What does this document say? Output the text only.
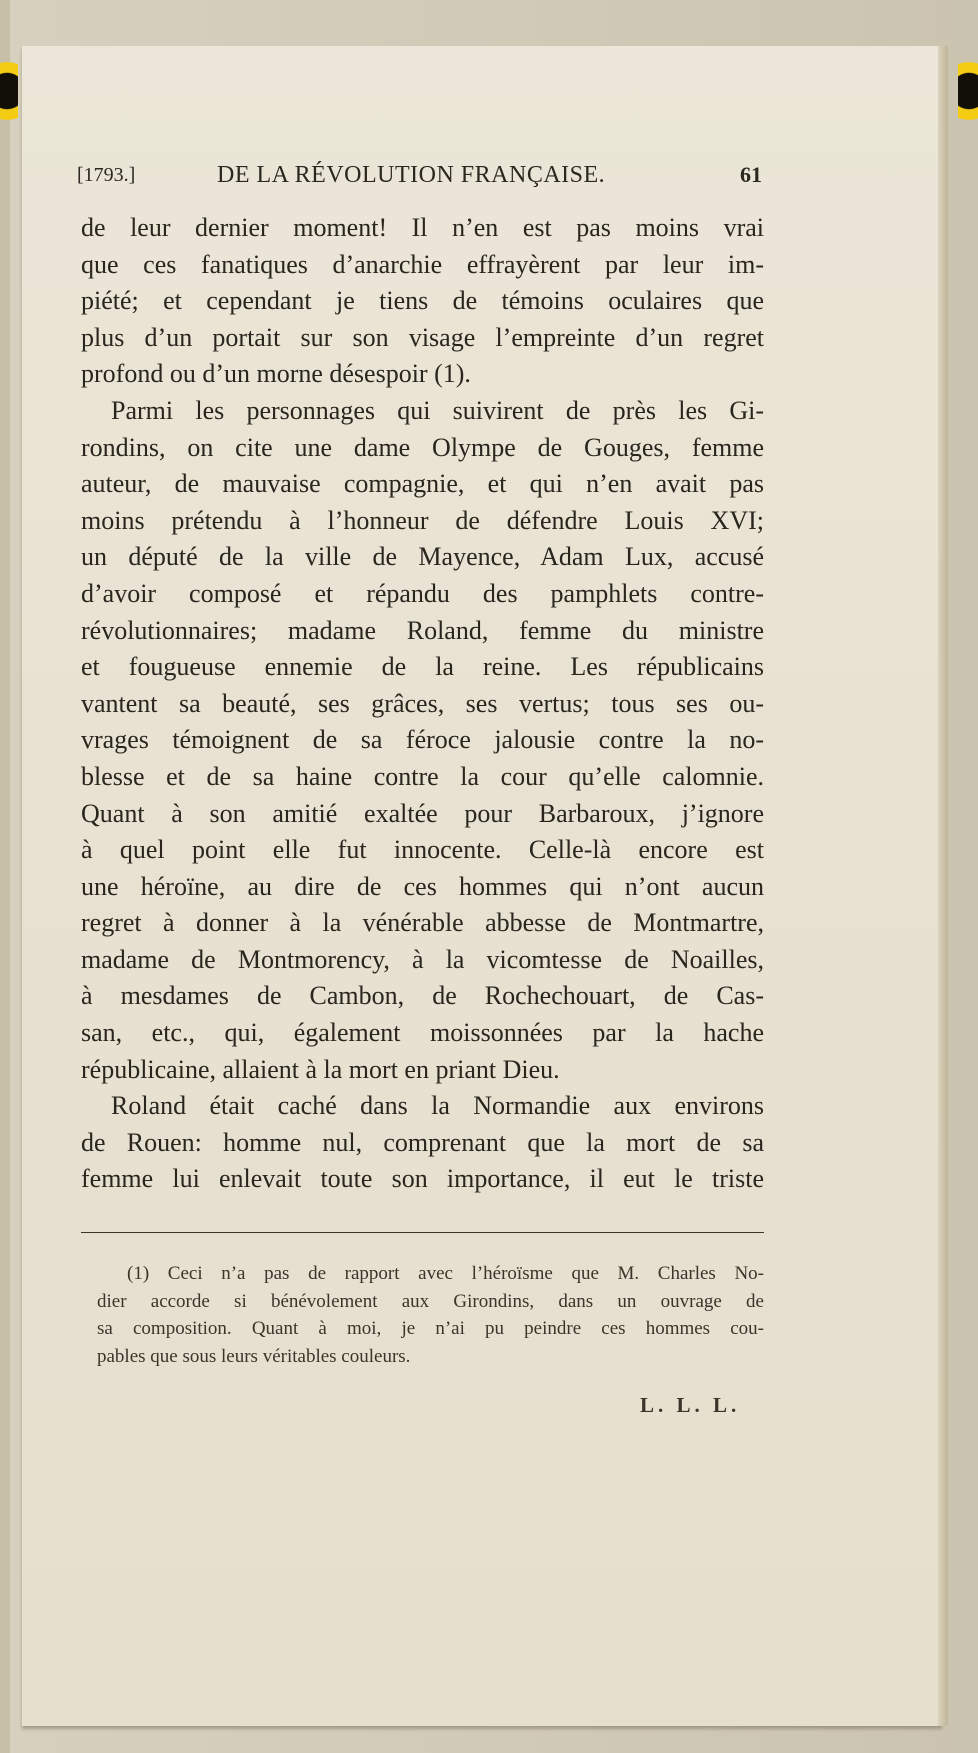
[1793.]	DE LA RÉVOLUTION FRANÇAISE.	61
de leur dernier moment! Il n’en est pas moins vrai
que ces fanatiques d’anarchie effrayèrent par leur im-
piété; et cependant je tiens de témoins oculaires que
plus d’un portait sur son visage l’empreinte d’un regret
profond ou d’un morne désespoir (1).
Parmi les personnages qui suivirent de près les Gi-
rondins, on cite une dame Olympe de Gouges, femme
auteur, de mauvaise compagnie, et qui n’en avait pas
moins prétendu à l’honneur de défendre Louis XVI;
un député de la ville de Mayence, Adam Lux, accusé
d’avoir composé et répandu des pamphlets contre-
révolutionnaires; madame Roland, femme du ministre
et fougueuse ennemie de la reine. Les républicains
vantent sa beauté, ses grâces, ses vertus; tous ses ou-
vrages témoignent de sa féroce jalousie contre la no-
blesse et de sa haine contre la cour qu’elle calomnie.
Quant à son amitié exaltée pour Barbaroux, j’ignore
à quel point elle fut innocente. Celle-là encore est
une héroïne, au dire de ces hommes qui n’ont aucun
regret à donner à la vénérable abbesse de Montmartre,
madame de Montmorency, à la vicomtesse de Noailles,
à mesdames de Cambon, de Rochechouart, de Cas-
san, etc., qui, également moissonnées par la hache
républicaine, allaient à la mort en priant Dieu.
Roland était caché dans la Normandie aux environs
de Rouen: homme nul, comprenant que la mort de sa
femme lui enlevait toute son importance, il eut le triste
(1) Ceci n’a pas de rapport avec l’héroïsme que M. Charles No-
dier accorde si bénévolement aux Girondins, dans un ouvrage de
sa composition. Quant à moi, je n’ai pu peindre ces hommes cou-
pables que sous leurs véritables couleurs.
L. L. L.
